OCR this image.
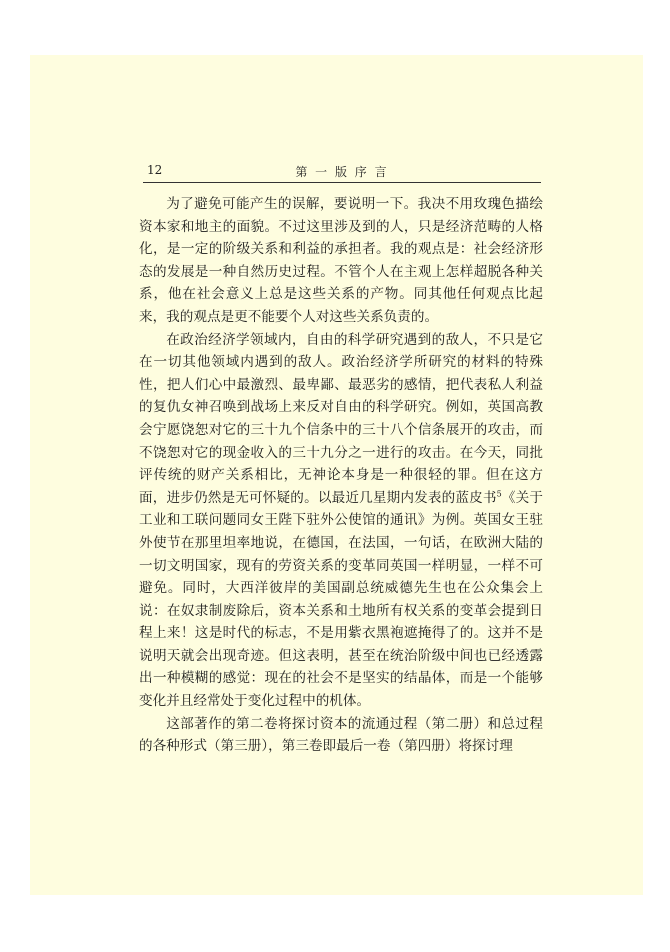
12	第 一 版 序 言

为了避免可能产生的误解，要说明一下。我决不用玫瑰色描绘资本家和地主的面貌。不过这里涉及到的人，只是经济范畴的人格化，是一定的阶级关系和利益的承担者。我的观点是：社会经济形态的发展是一种自然历史过程。不管个人在主观上怎样超脱各种关系，他在社会意义上总是这些关系的产物。同其他任何观点比起来，我的观点是更不能要个人对这些关系负责的。

在政治经济学领域内，自由的科学研究遇到的敌人，不只是它在一切其他领域内遇到的敌人。政治经济学所研究的材料的特殊性，把人们心中最激烈、最卑鄙、最恶劣的感情，把代表私人利益的复仇女神召唤到战场上来反对自由的科学研究。例如，英国高教会宁愿饶恕对它的三十九个信条中的三十八个信条展开的攻击，而不饶恕对它的现金收入的三十九分之一进行的攻击。在今天，同批评传统的财产关系相比，无神论本身是一种很轻的罪。但在这方面，进步仍然是无可怀疑的。以最近几星期内发表的蓝皮书$^5$《关于工业和工联问题同女王陛下驻外公使馆的通讯》为例。英国女王驻外使节在那里坦率地说，在德国，在法国，一句话，在欧洲大陆的一切文明国家，现有的劳资关系的变革同英国一样明显，一样不可避免。同时，大西洋彼岸的美国副总统威德先生也在公众集会上说：在奴隶制废除后，资本关系和土地所有权关系的变革会提到日程上来！这是时代的标志，不是用紫衣黑袍遮掩得了的。这并不是说明天就会出现奇迹。但这表明，甚至在统治阶级中间也已经透露出一种模糊的感觉：现在的社会不是坚实的结晶体，而是一个能够变化并且经常处于变化过程中的机体。

这部著作的第二卷将探讨资本的流通过程（第二册）和总过程的各种形式（第三册），第三卷即最后一卷（第四册）将探讨理
